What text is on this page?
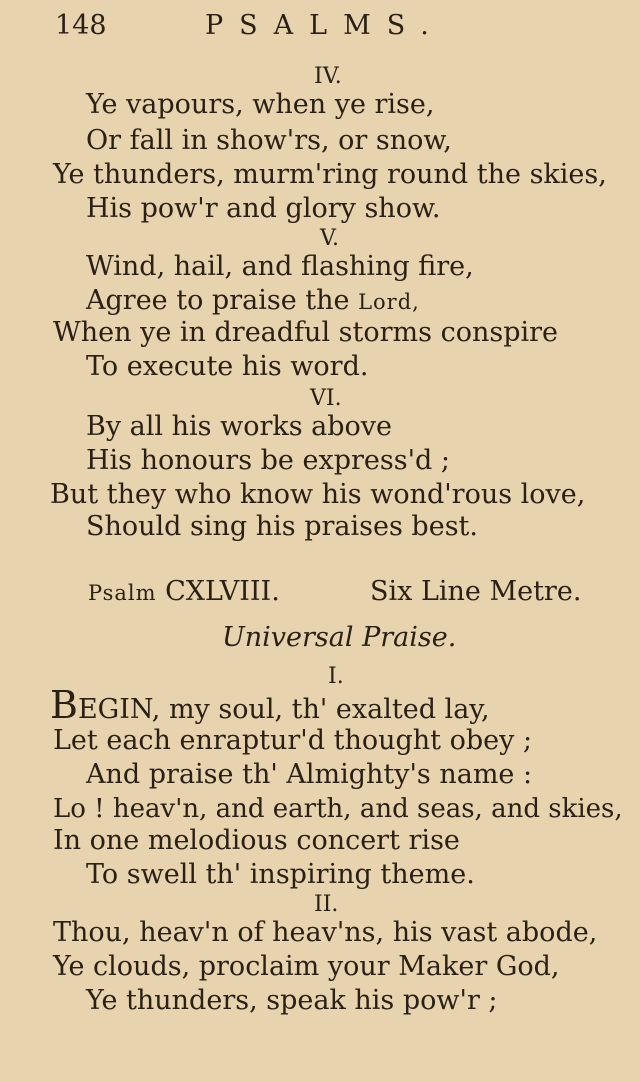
148	PSALMS.
IV.
Ye vapours, when ye rise,
Or fall in show'rs, or snow,
Ye thunders, murm'ring round the skies,
His pow'r and glory show.
V.
Wind, hail, and flashing fire,
Agree to praise the Lord,
When ye in dreadful storms conspire
To execute his word.
VI.
By all his works above
His honours be express'd ;
But they who know his wond'rous love,
Should sing his praises best.
Psalm CXLVIII.	Six Line Metre.
Universal Praise.
I.
BEGIN, my soul, th' exalted lay,
Let each enraptur'd thought obey ;
And praise th' Almighty's name :
Lo ! heav'n, and earth, and seas, and skies,
In one melodious concert rise
To swell th' inspiring theme.
II.
Thou, heav'n of heav'ns, his vast abode,
Ye clouds, proclaim your Maker God,
Ye thunders, speak his pow'r ;
